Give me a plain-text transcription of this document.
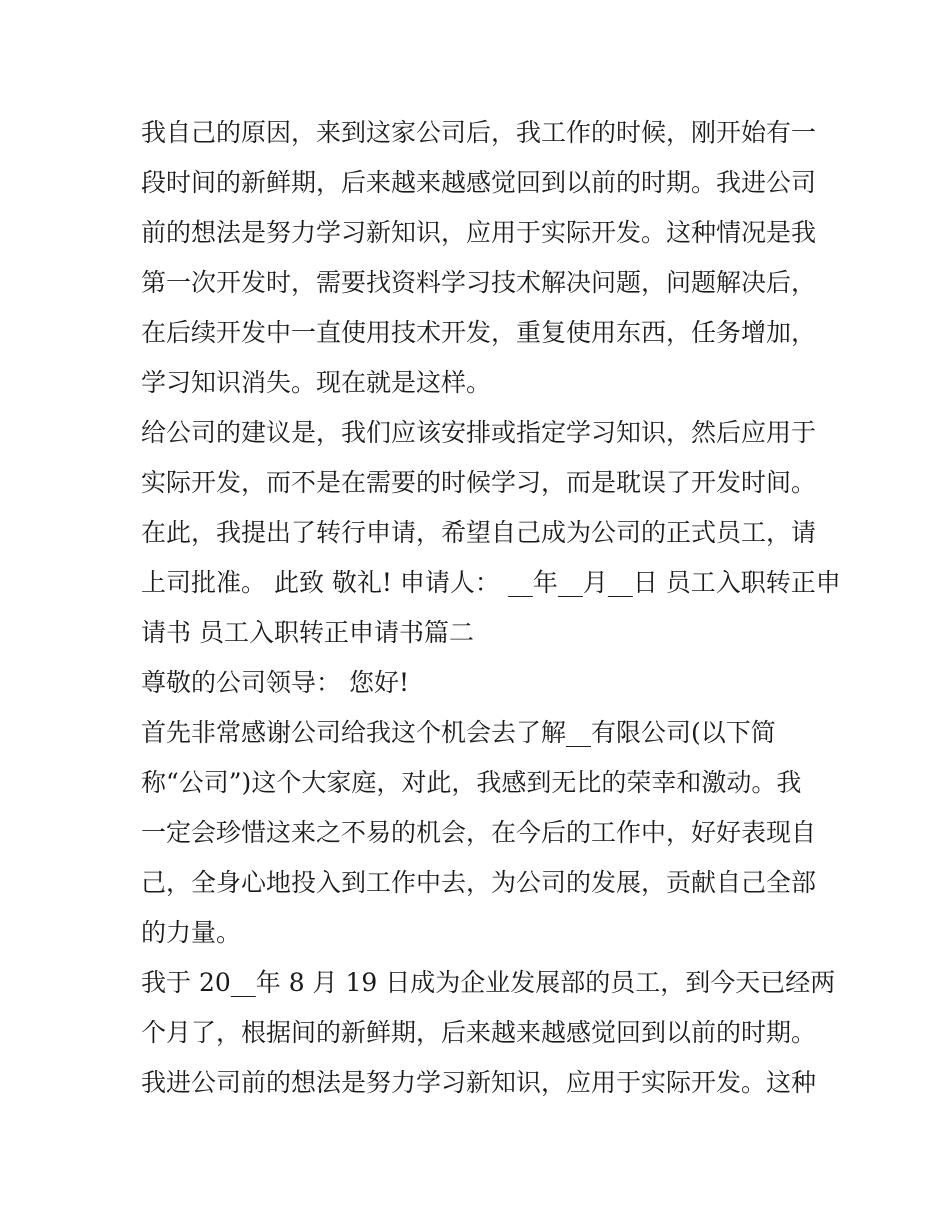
我自己的原因，来到这家公司后，我工作的时候，刚开始有一
段时间的新鲜期，后来越来越感觉回到以前的时期。我进公司
前的想法是努力学习新知识，应用于实际开发。这种情况是我
第一次开发时，需要找资料学习技术解决问题，问题解决后，
在后续开发中一直使用技术开发，重复使用东西，任务增加，
学习知识消失。现在就是这样。
给公司的建议是，我们应该安排或指定学习知识，然后应用于
实际开发，而不是在需要的时候学习，而是耽误了开发时间。
在此，我提出了转行申请，希望自己成为公司的正式员工，请
上司批准。 此致 敬礼! 申请人： __年__月__日 员工入职转正申
请书 员工入职转正申请书篇二
尊敬的公司领导： 您好!
首先非常感谢公司给我这个机会去了解__有限公司(以下简
称“公司”)这个大家庭，对此，我感到无比的荣幸和激动。我
一定会珍惜这来之不易的机会，在今后的工作中，好好表现自
己，全身心地投入到工作中去，为公司的发展，贡献自己全部
的力量。
我于 20__年 8 月 19 日成为企业发展部的员工，到今天已经两
个月了，根据间的新鲜期，后来越来越感觉回到以前的时期。
我进公司前的想法是努力学习新知识，应用于实际开发。这种
